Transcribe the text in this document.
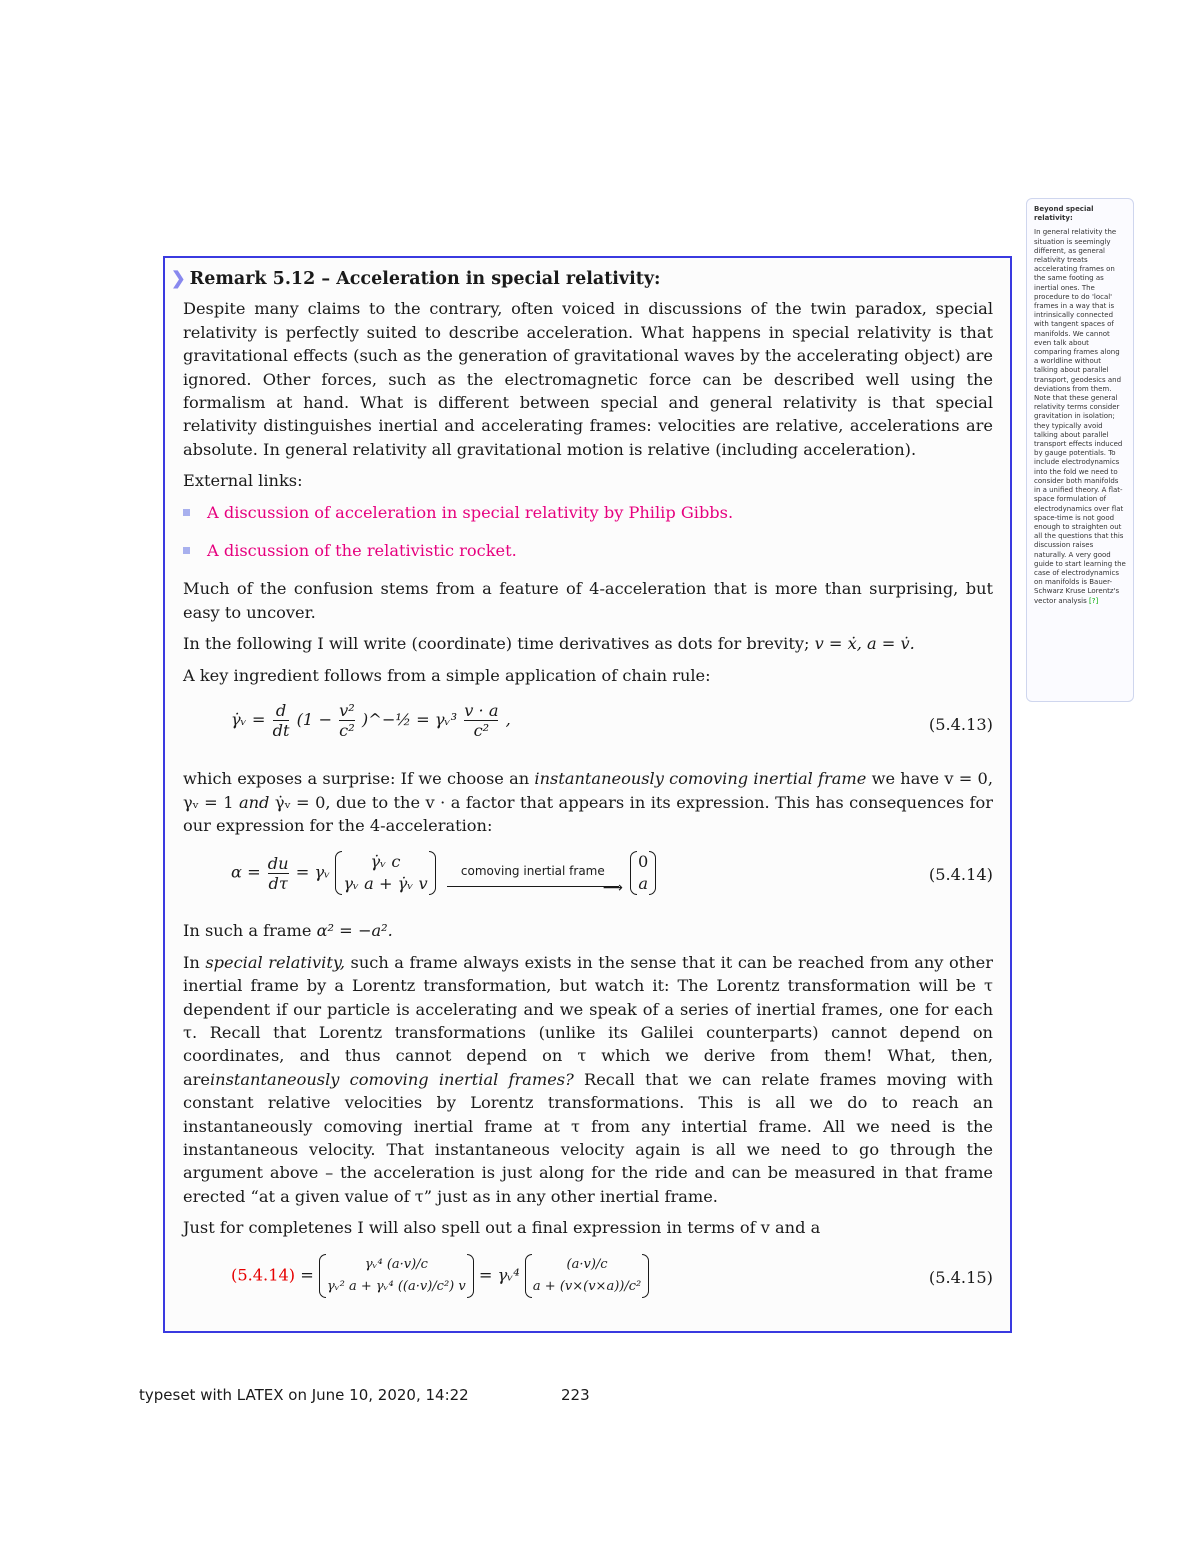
Beyond special relativity:
In general relativity the situation is seemingly different, as general relativity treats accelerating frames on the same footing as inertial ones. The procedure to do 'local' frames in a way that is intrinsically connected with tangent spaces of manifolds. We cannot even talk about comparing frames along a worldline without talking about parallel transport, geodesics and deviations from them. Note that these general relativity terms consider gravitation in isolation; they typically avoid talking about parallel transport effects induced by gauge potentials. To include electrodynamics into the fold we need to consider both manifolds in a unified theory. A flat-space formulation of electrodynamics over flat space-time is not good enough to straighten out all the questions that this discussion raises naturally. A very good guide to start learning the case of electrodynamics on manifolds is Bauer-Schwarz Kruse Lorentz's vector analysis [?]
❯ Remark 5.12 – Acceleration in special relativity:

Despite many claims to the contrary, often voiced in discussions of the twin paradox, special relativity is perfectly suited to describe acceleration. What happens in special relativity is that gravitational effects (such as the generation of gravitational waves by the accelerating object) are ignored. Other forces, such as the electromagnetic force can be described well using the formalism at hand. What is different between special and general relativity is that special relativity distinguishes inertial and accelerating frames: velocities are relative, accelerations are absolute. In general relativity all gravitational motion is relative (including acceleration).

External links:

A discussion of acceleration in special relativity by Philip Gibbs.
A discussion of the relativistic rocket.

Much of the confusion stems from a feature of 4-acceleration that is more than surprising, but easy to uncover.

In the following I will write (coordinate) time derivatives as dots for brevity; v = ẋ, a = v̇.

A key ingredient follows from a simple application of chain rule:

γ̇ᵥ = $\frac{d}{dt} (1 - \frac{\text{v²}}{\text{c²}}$ )^−½ = γᵥ³ $\frac{v \cdot a}{\text{c²}}$ ,	(5.4.13)

which exposes a surprise: If we choose an instantaneously comoving inertial frame we have v = 0, γᵥ = 1 and γ̇ᵥ = 0, due to the v · a factor that appears in its expression. This has consequences for our expression for the 4-acceleration:

$\alpha = \frac{du}{d\tau}$ = γᵥ
γ̇ᵥ c
γᵥ a + γ̇ᵥ v
comoving inertial frame
⟶
0
a	(5.4.14)

In such a frame α² = −a².

In special relativity, such a frame always exists in the sense that it can be reached from any other inertial frame by a Lorentz transformation, but watch it: The Lorentz transformation will be τ dependent if our particle is accelerating and we speak of a series of inertial frames, one for each τ. Recall that Lorentz transformations (unlike its Galilei counterparts) cannot depend on coordinates, and thus cannot depend on τ which we derive from them! What, then, areinstantaneously comoving inertial frames? Recall that we can relate frames moving with constant relative velocities by Lorentz transformations. This is all we do to reach an instantaneously comoving inertial frame at τ from any intertial frame. All we need is the instantaneous velocity. That instantaneous velocity again is all we need to go through the argument above – the acceleration is just along for the ride and can be measured in that frame erected “at a given value of τ” just as in any other inertial frame.

Just for completenes I will also spell out a final expression in terms of v and a

(5.4.14) =
γᵥ⁴ (a·v)/c
γᵥ² a + γᵥ⁴ ((a·v)/c²) v
= γᵥ⁴
(a·v)/c
a + (v×(v×a))/c²	(5.4.15)
typeset with LATEX on June 10, 2020, 14:22	223
